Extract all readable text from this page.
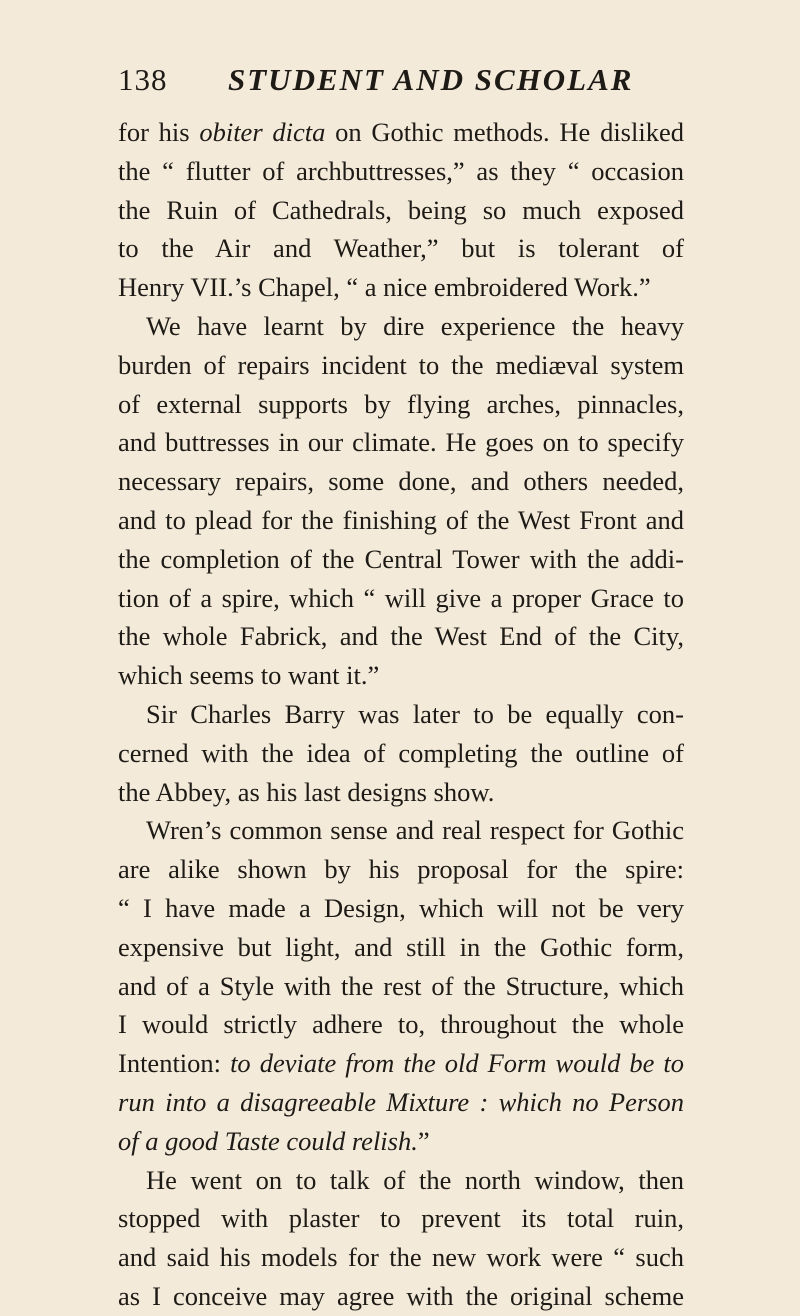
138 STUDENT AND SCHOLAR
for his obiter dicta on Gothic methods. He disliked
the “ flutter of archbuttresses,” as they “ occasion
the Ruin of Cathedrals, being so much exposed
to the Air and Weather,” but is tolerant of
Henry VII.’s Chapel, “ a nice embroidered Work.”
We have learnt by dire experience the heavy
burden of repairs incident to the mediæval system
of external supports by flying arches, pinnacles,
and buttresses in our climate. He goes on to specify
necessary repairs, some done, and others needed,
and to plead for the finishing of the West Front and
the completion of the Central Tower with the addi-
tion of a spire, which “ will give a proper Grace to
the whole Fabrick, and the West End of the City,
which seems to want it.”
Sir Charles Barry was later to be equally con-
cerned with the idea of completing the outline of
the Abbey, as his last designs show.
Wren’s common sense and real respect for Gothic
are alike shown by his proposal for the spire:
“ I have made a Design, which will not be very
expensive but light, and still in the Gothic form,
and of a Style with the rest of the Structure, which
I would strictly adhere to, throughout the whole
Intention: to deviate from the old Form would be to
run into a disagreeable Mixture : which no Person
of a good Taste could relish.”
He went on to talk of the north window, then
stopped with plaster to prevent its total ruin,
and said his models for the new work were “ such
as I conceive may agree with the original scheme
